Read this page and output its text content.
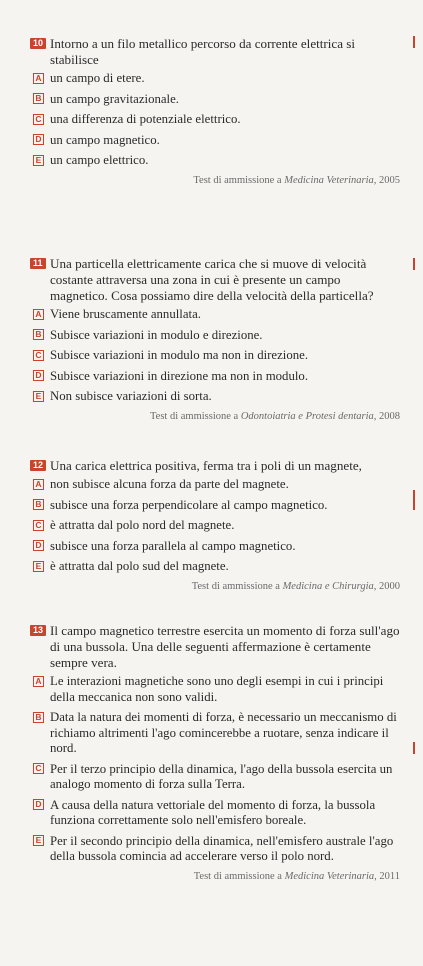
10 Intorno a un filo metallico percorso da corrente elettrica si stabilisce
A un campo di etere.
B un campo gravitazionale.
C una differenza di potenziale elettrico.
D un campo magnetico.
E un campo elettrico.
Test di ammissione a Medicina Veterinaria, 2005
11 Una particella elettricamente carica che si muove di velocità costante attraversa una zona in cui è presente un campo magnetico. Cosa possiamo dire della velocità della particella?
A Viene bruscamente annullata.
B Subisce variazioni in modulo e direzione.
C Subisce variazioni in modulo ma non in direzione.
D Subisce variazioni in direzione ma non in modulo.
E Non subisce variazioni di sorta.
Test di ammissione a Odontoiatria e Protesi dentaria, 2008
12 Una carica elettrica positiva, ferma tra i poli di un magnete,
A non subisce alcuna forza da parte del magnete.
B subisce una forza perpendicolare al campo magnetico.
C è attratta dal polo nord del magnete.
D subisce una forza parallela al campo magnetico.
E è attratta dal polo sud del magnete.
Test di ammissione a Medicina e Chirurgia, 2000
13 Il campo magnetico terrestre esercita un momento di forza sull'ago di una bussola. Una delle seguenti affermazione è certamente sempre vera.
A Le interazioni magnetiche sono uno degli esempi in cui i principi della meccanica non sono validi.
B Data la natura dei momenti di forza, è necessario un meccanismo di richiamo altrimenti l'ago comincerebbe a ruotare, senza indicare il nord.
C Per il terzo principio della dinamica, l'ago della bussola esercita un analogo momento di forza sulla Terra.
D A causa della natura vettoriale del momento di forza, la bussola funziona correttamente solo nell'emisfero boreale.
E Per il secondo principio della dinamica, nell'emisfero australe l'ago della bussola comincia ad accelerare verso il polo nord.
Test di ammissione a Medicina Veterinaria, 2011
